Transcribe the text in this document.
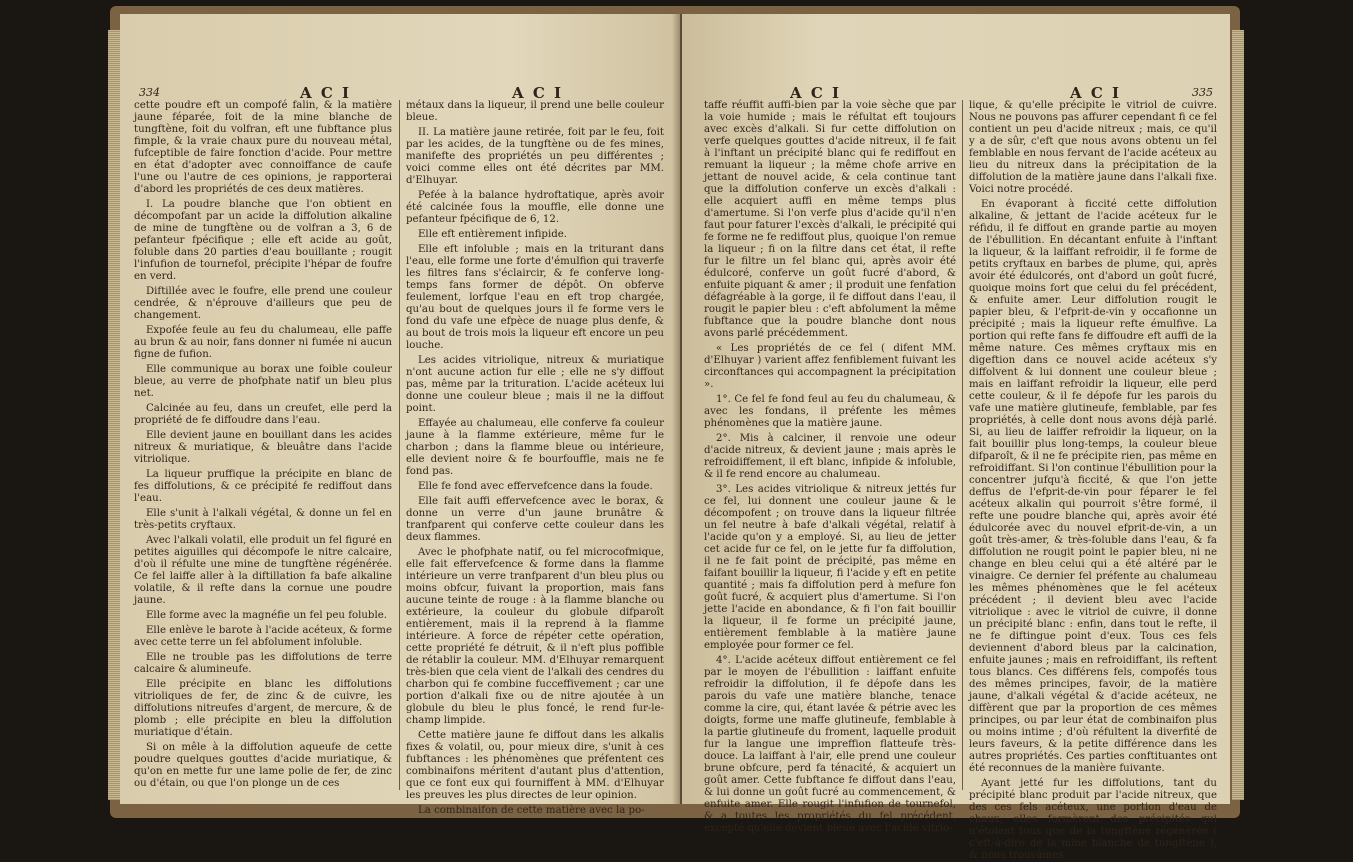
334	A C I	A C I

cette poudre eft un compofé falin, & la matière jaune féparée, foit de la mine blanche de tungftène, foit du volfran, eft une fubftance plus fimple, & la vraie chaux pure du nouveau métal, fufceptible de faire fonction d'acide. Pour mettre en état d'adopter avec connoiffance de caufe l'une ou l'autre de ces opinions, je rapporterai d'abord les propriétés de ces deux matières.

I. La poudre blanche que l'on obtient en décompofant par un acide la diffolution alkaline de mine de tungftène ou de volfran a 3, 6 de pefanteur fpécifique ; elle eft acide au goût, foluble dans 20 parties d'eau bouillante ; rougit l'infufion de tournefol, précipite l'hépar de foufre en verd.

Diftillée avec le foufre, elle prend une couleur cendrée, & n'éprouve d'ailleurs que peu de changement.

Expofée feule au feu du chalumeau, elle paffe au brun & au noir, fans donner ni fumée ni aucun figne de fufion.

Elle communique au borax une foible couleur bleue, au verre de phofphate natif un bleu plus net.

Calcinée au feu, dans un creufet, elle perd la propriété de fe diffoudre dans l'eau.

Elle devient jaune en bouillant dans les acides nitreux & muriatique, & bleuâtre dans l'acide vitriolique.

La liqueur pruffique la précipite en blanc de fes diffolutions, & ce précipité fe rediffout dans l'eau.

Elle s'unit à l'alkali végétal, & donne un fel en très-petits cryftaux.

Avec l'alkali volatil, elle produit un fel figuré en petites aiguilles qui décompofe le nitre calcaire, d'où il réfulte une mine de tungftène régénérée. Ce fel laiffe aller à la diftillation fa bafe alkaline volatile, & il refte dans la cornue une poudre jaune.

Elle forme avec la magnéfie un fel peu foluble.

Elle enlève le barote à l'acide acéteux, & forme avec cette terre un fel abfolument infoluble.

Elle ne trouble pas les diffolutions de terre calcaire & alumineufe.

Elle précipite en blanc les diffolutions vitrioliques de fer, de zinc & de cuivre, les diffolutions nitreufes d'argent, de mercure, & de plomb ; elle précipite en bleu la diffolution muriatique d'étain.

Si on mêle à la diffolution aqueufe de cette poudre quelques gouttes d'acide muriatique, & qu'on en mette fur une lame polie de fer, de zinc ou d'étain, ou que l'on plonge un de ces

métaux dans la liqueur, il prend une belle couleur bleue.

II. La matière jaune retirée, foit par le feu, foit par les acides, de la tungftène ou de fes mines, manifefte des propriétés un peu différentes ; voici comme elles ont été décrites par MM. d'Elhuyar.

Pefée à la balance hydroftatique, après avoir été calcinée fous la mouffle, elle donne une pefanteur fpécifique de 6, 12.

Elle eft entièrement infipide.

Elle eft infoluble ; mais en la triturant dans l'eau, elle forme une forte d'émulfion qui traverfe les filtres fans s'éclaircir, & fe conferve long-temps fans former de dépôt. On obferve feulement, lorfque l'eau en eft trop chargée, qu'au bout de quelques jours il fe forme vers le fond du vafe une efpèce de nuage plus denfe, & au bout de trois mois la liqueur eft encore un peu louche.

Les acides vitriolique, nitreux & muriatique n'ont aucune action fur elle ; elle ne s'y diffout pas, même par la trituration. L'acide acéteux lui donne une couleur bleue ; mais il ne la diffout point.

Effayée au chalumeau, elle conferve fa couleur jaune à la flamme extérieure, même fur le charbon ; dans la flamme bleue ou intérieure, elle devient noire & fe bourfouffle, mais ne fe fond pas.

Elle fe fond avec effervefcence dans la foude.

Elle fait auffi effervefcence avec le borax, & donne un verre d'un jaune brunâtre & tranfparent qui conferve cette couleur dans les deux flammes.

Avec le phofphate natif, ou fel microcofmique, elle fait effervefcence & forme dans la flamme intérieure un verre tranfparent d'un bleu plus ou moins obfcur, fuivant la proportion, mais fans aucune teinte de rouge : à la flamme blanche ou extérieure, la couleur du globule difparoît entièrement, mais il la reprend à la flamme intérieure. A force de répéter cette opération, cette propriété fe détruit, & il n'eft plus poffible de rétablir la couleur. MM. d'Elhuyar remarquent très-bien que cela vient de l'alkali des cendres du charbon qui fe combine fucceffivement ; car une portion d'alkali fixe ou de nitre ajoutée à un globule du bleu le plus foncé, le rend fur-le-champ limpide.

Cette matière jaune fe diffout dans les alkalis fixes & volatil, ou, pour mieux dire, s'unit à ces fubftances : les phénomènes que préfentent ces combinaifons méritent d'autant plus d'attention, que ce font eux qui fourniffent à MM. d'Elhuyar les preuves les plus directes de leur opinion.

La combinaifon de cette matière avec la po-

A C I	A C I	335

taffe réuffit auffi-bien par la voie sèche que par la voie humide ; mais le réfultat eft toujours avec excès d'alkali. Si fur cette diffolution on verfe quelques gouttes d'acide nitreux, il fe fait à l'inftant un précipité blanc qui fe rediffout en remuant la liqueur ; la même chofe arrive en jettant de nouvel acide, & cela continue tant que la diffolution conferve un excès d'alkali : elle acquiert auffi en même temps plus d'amertume. Si l'on verfe plus d'acide qu'il n'en faut pour faturer l'excès d'alkali, le précipité qui fe forme ne fe rediffout plus, quoique l'on remue la liqueur ; fi on la filtre dans cet état, il refte fur le filtre un fel blanc qui, après avoir été édulcoré, conferve un goût fucré d'abord, & enfuite piquant & amer ; il produit une fenfation défagréable à la gorge, il fe diffout dans l'eau, il rougit le papier bleu : c'eft abfolument la même fubftance que la poudre blanche dont nous avons parlé précédemment.

« Les propriétés de ce fel ( difent MM. d'Elhuyar ) varient affez fenfiblement fuivant les circonftances qui accompagnent la précipitation ».

1°. Ce fel fe fond feul au feu du chalumeau, & avec les fondans, il préfente les mêmes phénomènes que la matière jaune.

2°. Mis à calciner, il renvoie une odeur d'acide nitreux, & devient jaune ; mais après le refroidiffement, il eft blanc, infipide & infoluble, & il fe rend encore au chalumeau.

3°. Les acides vitriolique & nitreux jettés fur ce fel, lui donnent une couleur jaune & le décompofent ; on trouve dans la liqueur filtrée un fel neutre à bafe d'alkali végétal, relatif à l'acide qu'on y a employé. Si, au lieu de jetter cet acide fur ce fel, on le jette fur fa diffolution, il ne fe fait point de précipité, pas même en faifant bouillir la liqueur, fi l'acide y eft en petite quantité ; mais fa diffolution perd à mefure fon goût fucré, & acquiert plus d'amertume. Si l'on jette l'acide en abondance, & fi l'on fait bouillir la liqueur, il fe forme un précipité jaune, entièrement femblable à la matière jaune employée pour former ce fel.

4°. L'acide acéteux diffout entièrement ce fel par le moyen de l'ébullition : laiffant enfuite refroidir la diffolution, il fe dépofe dans les parois du vafe une matière blanche, tenace comme la cire, qui, étant lavée & pétrie avec les doigts, forme une maffe glutineufe, femblable à la partie glutineufe du froment, laquelle produit fur la langue une impreffion flatteufe très-douce. La laiffant à l'air, elle prend une couleur brune obfcure, perd fa ténacité, & acquiert un goût amer. Cette fubftance fe diffout dans l'eau, & lui donne un goût fucré au commencement, & enfuite amer. Elle rougit l'infufion de tournefol, & a toutes les propriétés du fel précédent, excepté qu'elle devient bleue avec l'acide vitrio-

lique, & qu'elle précipite le vitriol de cuivre. Nous ne pouvons pas affurer cependant fi ce fel contient un peu d'acide nitreux ; mais, ce qu'il y a de sûr, c'eft que nous avons obtenu un fel femblable en nous fervant de l'acide acéteux au lieu du nitreux dans la précipitation de la diffolution de la matière jaune dans l'alkali fixe. Voici notre procédé.

En évaporant à ficcité cette diffolution alkaline, & jettant de l'acide acéteux fur le réfidu, il fe diffout en grande partie au moyen de l'ébullition. En décantant enfuite à l'inftant la liqueur, & la laiffant refroidir, il fe forme de petits cryftaux en barbes de plume, qui, après avoir été édulcorés, ont d'abord un goût fucré, quoique moins fort que celui du fel précédent, & enfuite amer. Leur diffolution rougit le papier bleu, & l'efprit-de-vin y occafionne un précipité ; mais la liqueur refte émulfive. La portion qui refte fans fe diffoudre eft auffi de la même nature. Ces mêmes cryftaux mis en digeftion dans ce nouvel acide acéteux s'y diffolvent & lui donnent une couleur bleue ; mais en laiffant refroidir la liqueur, elle perd cette couleur, & il fe dépofe fur les parois du vafe une matière glutineufe, femblable, par fes propriétés, à celle dont nous avons déjà parlé. Si, au lieu de laiffer refroidir la liqueur, on la fait bouillir plus long-temps, la couleur bleue difparoît, & il ne fe précipite rien, pas même en refroidiffant. Si l'on continue l'ébullition pour la concentrer jufqu'à ficcité, & que l'on jette deffus de l'efprit-de-vin pour féparer le fel acéteux alkalin qui pourroit s'être formé, il refte une poudre blanche qui, après avoir été édulcorée avec du nouvel efprit-de-vin, a un goût très-amer, & très-foluble dans l'eau, & fa diffolution ne rougit point le papier bleu, ni ne change en bleu celui qui a été altéré par le vinaigre. Ce dernier fel préfente au chalumeau les mêmes phénomènes que le fel acéteux précédent ; il devient bleu avec l'acide vitriolique : avec le vitriol de cuivre, il donne un précipité blanc : enfin, dans tout le refte, il ne fe diftingue point d'eux. Tous ces fels deviennent d'abord bleus par la calcination, enfuite jaunes ; mais en refroidiffant, ils reftent tous blancs. Ces différens fels, compofés tous des mêmes principes, favoir, de la matière jaune, d'alkali végétal & d'acide acéteux, ne diffèrent que par la proportion de ces mêmes principes, ou par leur état de combinaifon plus ou moins intime ; d'où réfultent la diverfité de leurs faveurs, & la petite différence dans les autres propriétés. Ces parties conftituantes ont été reconnues de la manière fuivante.

Ayant jetté fur les diffolutions, tant du précipité blanc produit par l'acide nitreux, que des ces fels acéteux, une portion d'eau de chaux, elles formèrent des précipités qui n'étoient tous que de la tungftène régénérée ( c'eft-à-dire de la mine blanche de tungftène ), & nous trouvâmes
